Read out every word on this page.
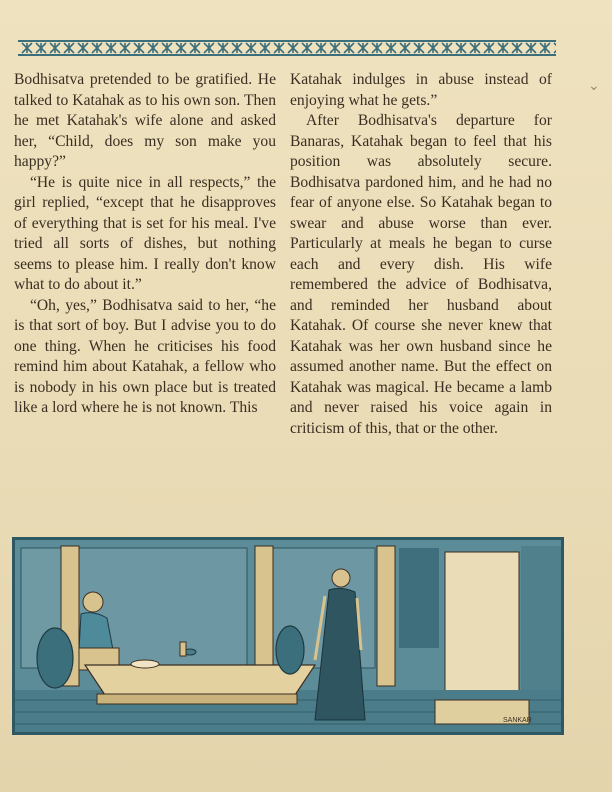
Bodhisatva pretended to be gratified. He talked to Katahak as to his own son. Then he met Katahak's wife alone and asked her, “Child, does my son make you happy?”

“He is quite nice in all respects,” the girl replied, “except that he disapproves of everything that is set for his meal. I've tried all sorts of dishes, but nothing seems to please him. I really don't know what to do about it.”

“Oh, yes,” Bodhisatva said to her, “he is that sort of boy. But I advise you to do one thing. When he criticises his food remind him about Katahak, a fellow who is nobody in his own place but is treated like a lord where he is not known. This

Katahak indulges in abuse instead of enjoying what he gets.”

After Bodhisatva's departure for Banaras, Katahak began to feel that his position was absolutely secure. Bodhisatva pardoned him, and he had no fear of anyone else. So Katahak began to swear and abuse worse than ever. Particularly at meals he began to curse each and every dish. His wife remembered the advice of Bodhisatva, and reminded her husband about Katahak. Of course she never knew that Katahak was her own husband since he assumed another name. But the effect on Katahak was magical. He became a lamb and never raised his voice again in criticism of this, that or the other.

⌄
SANKAR
